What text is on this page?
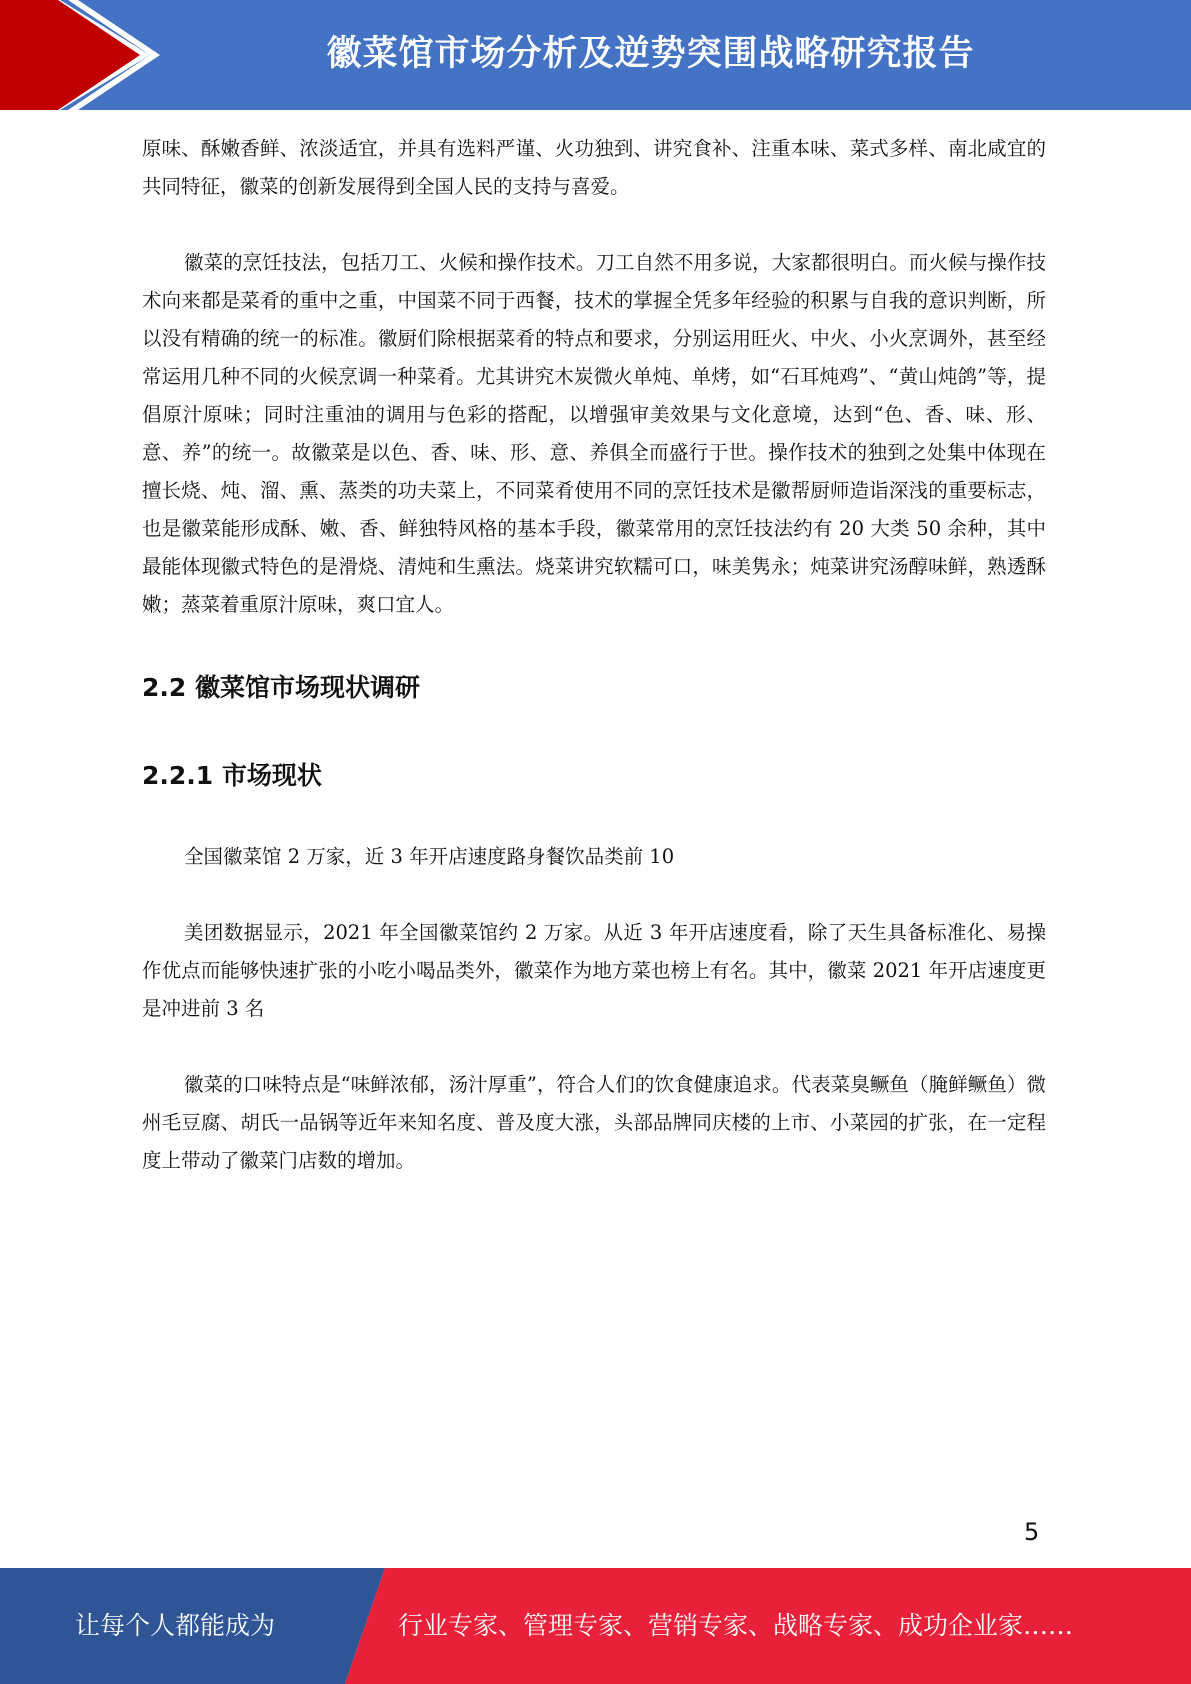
徽菜馆市场分析及逆势突围战略研究报告

原味、酥嫩香鲜、浓淡适宜，并具有选料严谨、火功独到、讲究食补、注重本味、菜式多样、南北咸宜的共同特征，徽菜的创新发展得到全国人民的支持与喜爱。

徽菜的烹饪技法，包括刀工、火候和操作技术。刀工自然不用多说，大家都很明白。而火候与操作技术向来都是菜肴的重中之重，中国菜不同于西餐，技术的掌握全凭多年经验的积累与自我的意识判断，所以没有精确的统一的标准。徽厨们除根据菜肴的特点和要求，分别运用旺火、中火、小火烹调外，甚至经常运用几种不同的火候烹调一种菜肴。尤其讲究木炭微火单炖、单烤，如“石耳炖鸡”、“黄山炖鸽”等，提倡原汁原味；同时注重油的调用与色彩的搭配，以增强审美效果与文化意境，达到“色、香、味、形、意、养”的统一。故徽菜是以色、香、味、形、意、养俱全而盛行于世。操作技术的独到之处集中体现在擅长烧、炖、溜、熏、蒸类的功夫菜上，不同菜肴使用不同的烹饪技术是徽帮厨师造诣深浅的重要标志，也是徽菜能形成酥、嫩、香、鲜独特风格的基本手段，徽菜常用的烹饪技法约有 20 大类 50 余种，其中最能体现徽式特色的是滑烧、清炖和生熏法。烧菜讲究软糯可口，味美隽永；炖菜讲究汤醇味鲜，熟透酥嫩；蒸菜着重原汁原味，爽口宜人。

2.2 徽菜馆市场现状调研
2.2.1 市场现状

全国徽菜馆 2 万家，近 3 年开店速度路身餐饮品类前 10

美团数据显示，2021 年全国徽菜馆约 2 万家。从近 3 年开店速度看，除了天生具备标准化、易操作优点而能够快速扩张的小吃小喝品类外，徽菜作为地方菜也榜上有名。其中，徽菜 2021 年开店速度更是冲进前 3 名

徽菜的口味特点是“味鲜浓郁，汤汁厚重”，符合人们的饮食健康追求。代表菜臭鳜鱼（腌鲜鳜鱼）微州毛豆腐、胡氏一品锅等近年来知名度、普及度大涨，头部品牌同庆楼的上市、小菜园的扩张，在一定程度上带动了徽菜门店数的增加。

5
让每个人都能成为	行业专家、管理专家、营销专家、战略专家、成功企业家……
